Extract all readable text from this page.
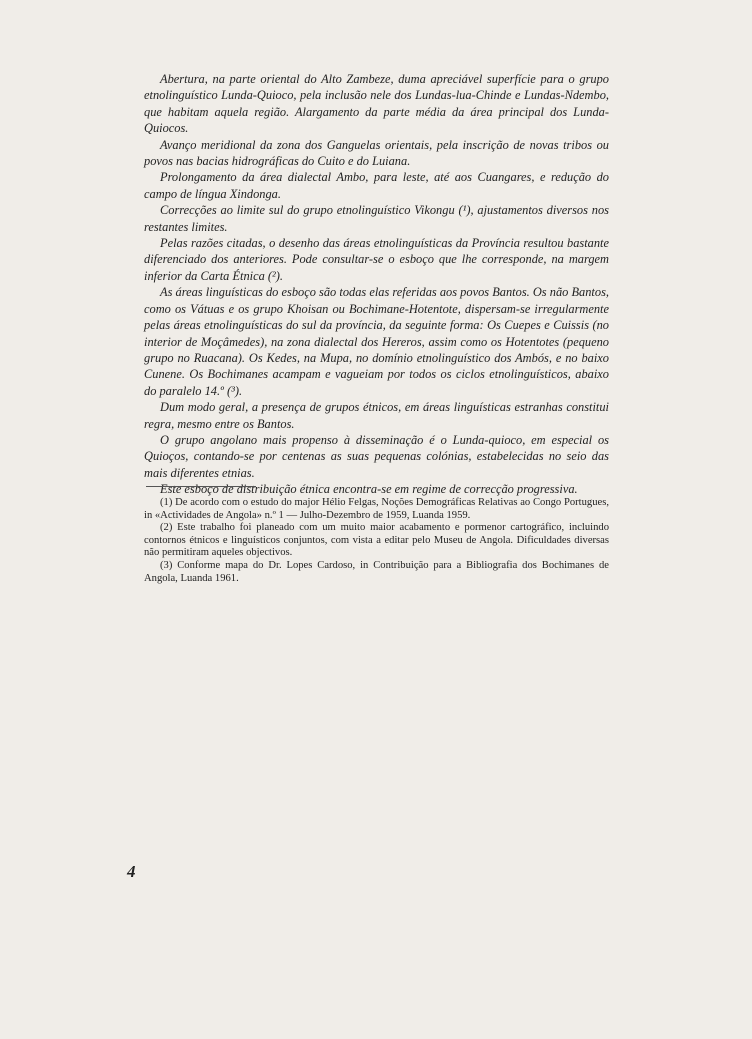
Abertura, na parte oriental do Alto Zambeze, duma apreciável superfície para o grupo etnolinguístico Lunda-Quioco, pela inclusão nele dos Lundas-lua-Chinde e Lundas-Ndembo, que habitam aquela região. Alargamento da parte média da área principal dos Lunda-Quiocos.

Avanço meridional da zona dos Ganguelas orientais, pela inscrição de novas tribos ou povos nas bacias hidrográficas do Cuito e do Luiana.

Prolongamento da área dialectal Ambo, para leste, até aos Cuangares, e redução do campo de língua Xindonga.

Correcções ao limite sul do grupo etnolinguístico Vikongu (¹), ajustamentos diversos nos restantes limites.

Pelas razões citadas, o desenho das áreas etnolinguísticas da Província resultou bastante diferenciado dos anteriores. Pode consultar-se o esboço que lhe corresponde, na margem inferior da Carta Étnica (²).

As áreas linguísticas do esboço são todas elas referidas aos povos Bantos. Os não Bantos, como os Vátuas e os grupo Khoisan ou Bochimane-Hotentote, dispersam-se irregularmente pelas áreas etnolinguísticas do sul da província, da seguinte forma: Os Cuepes e Cuissis (no interior de Moçâmedes), na zona dialectal dos Hereros, assim como os Hotentotes (pequeno grupo no Ruacana). Os Kedes, na Mupa, no domínio etnolinguístico dos Ambós, e no baixo Cunene. Os Bochimanes acampam e vagueiam por todos os ciclos etnolinguísticos, abaixo do paralelo 14.º (³).

Dum modo geral, a presença de grupos étnicos, em áreas linguísticas estranhas constitui regra, mesmo entre os Bantos.

O grupo angolano mais propenso à disseminação é o Lunda-quioco, em especial os Quioços, contando-se por centenas as suas pequenas colónias, estabelecidas no seio das mais diferentes etnias.

Este esboço de distribuição étnica encontra-se em regime de correcção progressiva.

(1) De acordo com o estudo do major Hélio Felgas, Noções Demográficas Relativas ao Congo Portugues, in «Actividades de Angola» n.º 1 — Julho-Dezembro de 1959, Luanda 1959.

(2) Este trabalho foi planeado com um muito maior acabamento e pormenor cartográfico, incluindo contornos étnicos e linguísticos conjuntos, com vista a editar pelo Museu de Angola. Dificuldades diversas não permitiram aqueles objectivos.

(3) Conforme mapa do Dr. Lopes Cardoso, in Contribuição para a Bibliografia dos Bochimanes de Angola, Luanda 1961.

4
